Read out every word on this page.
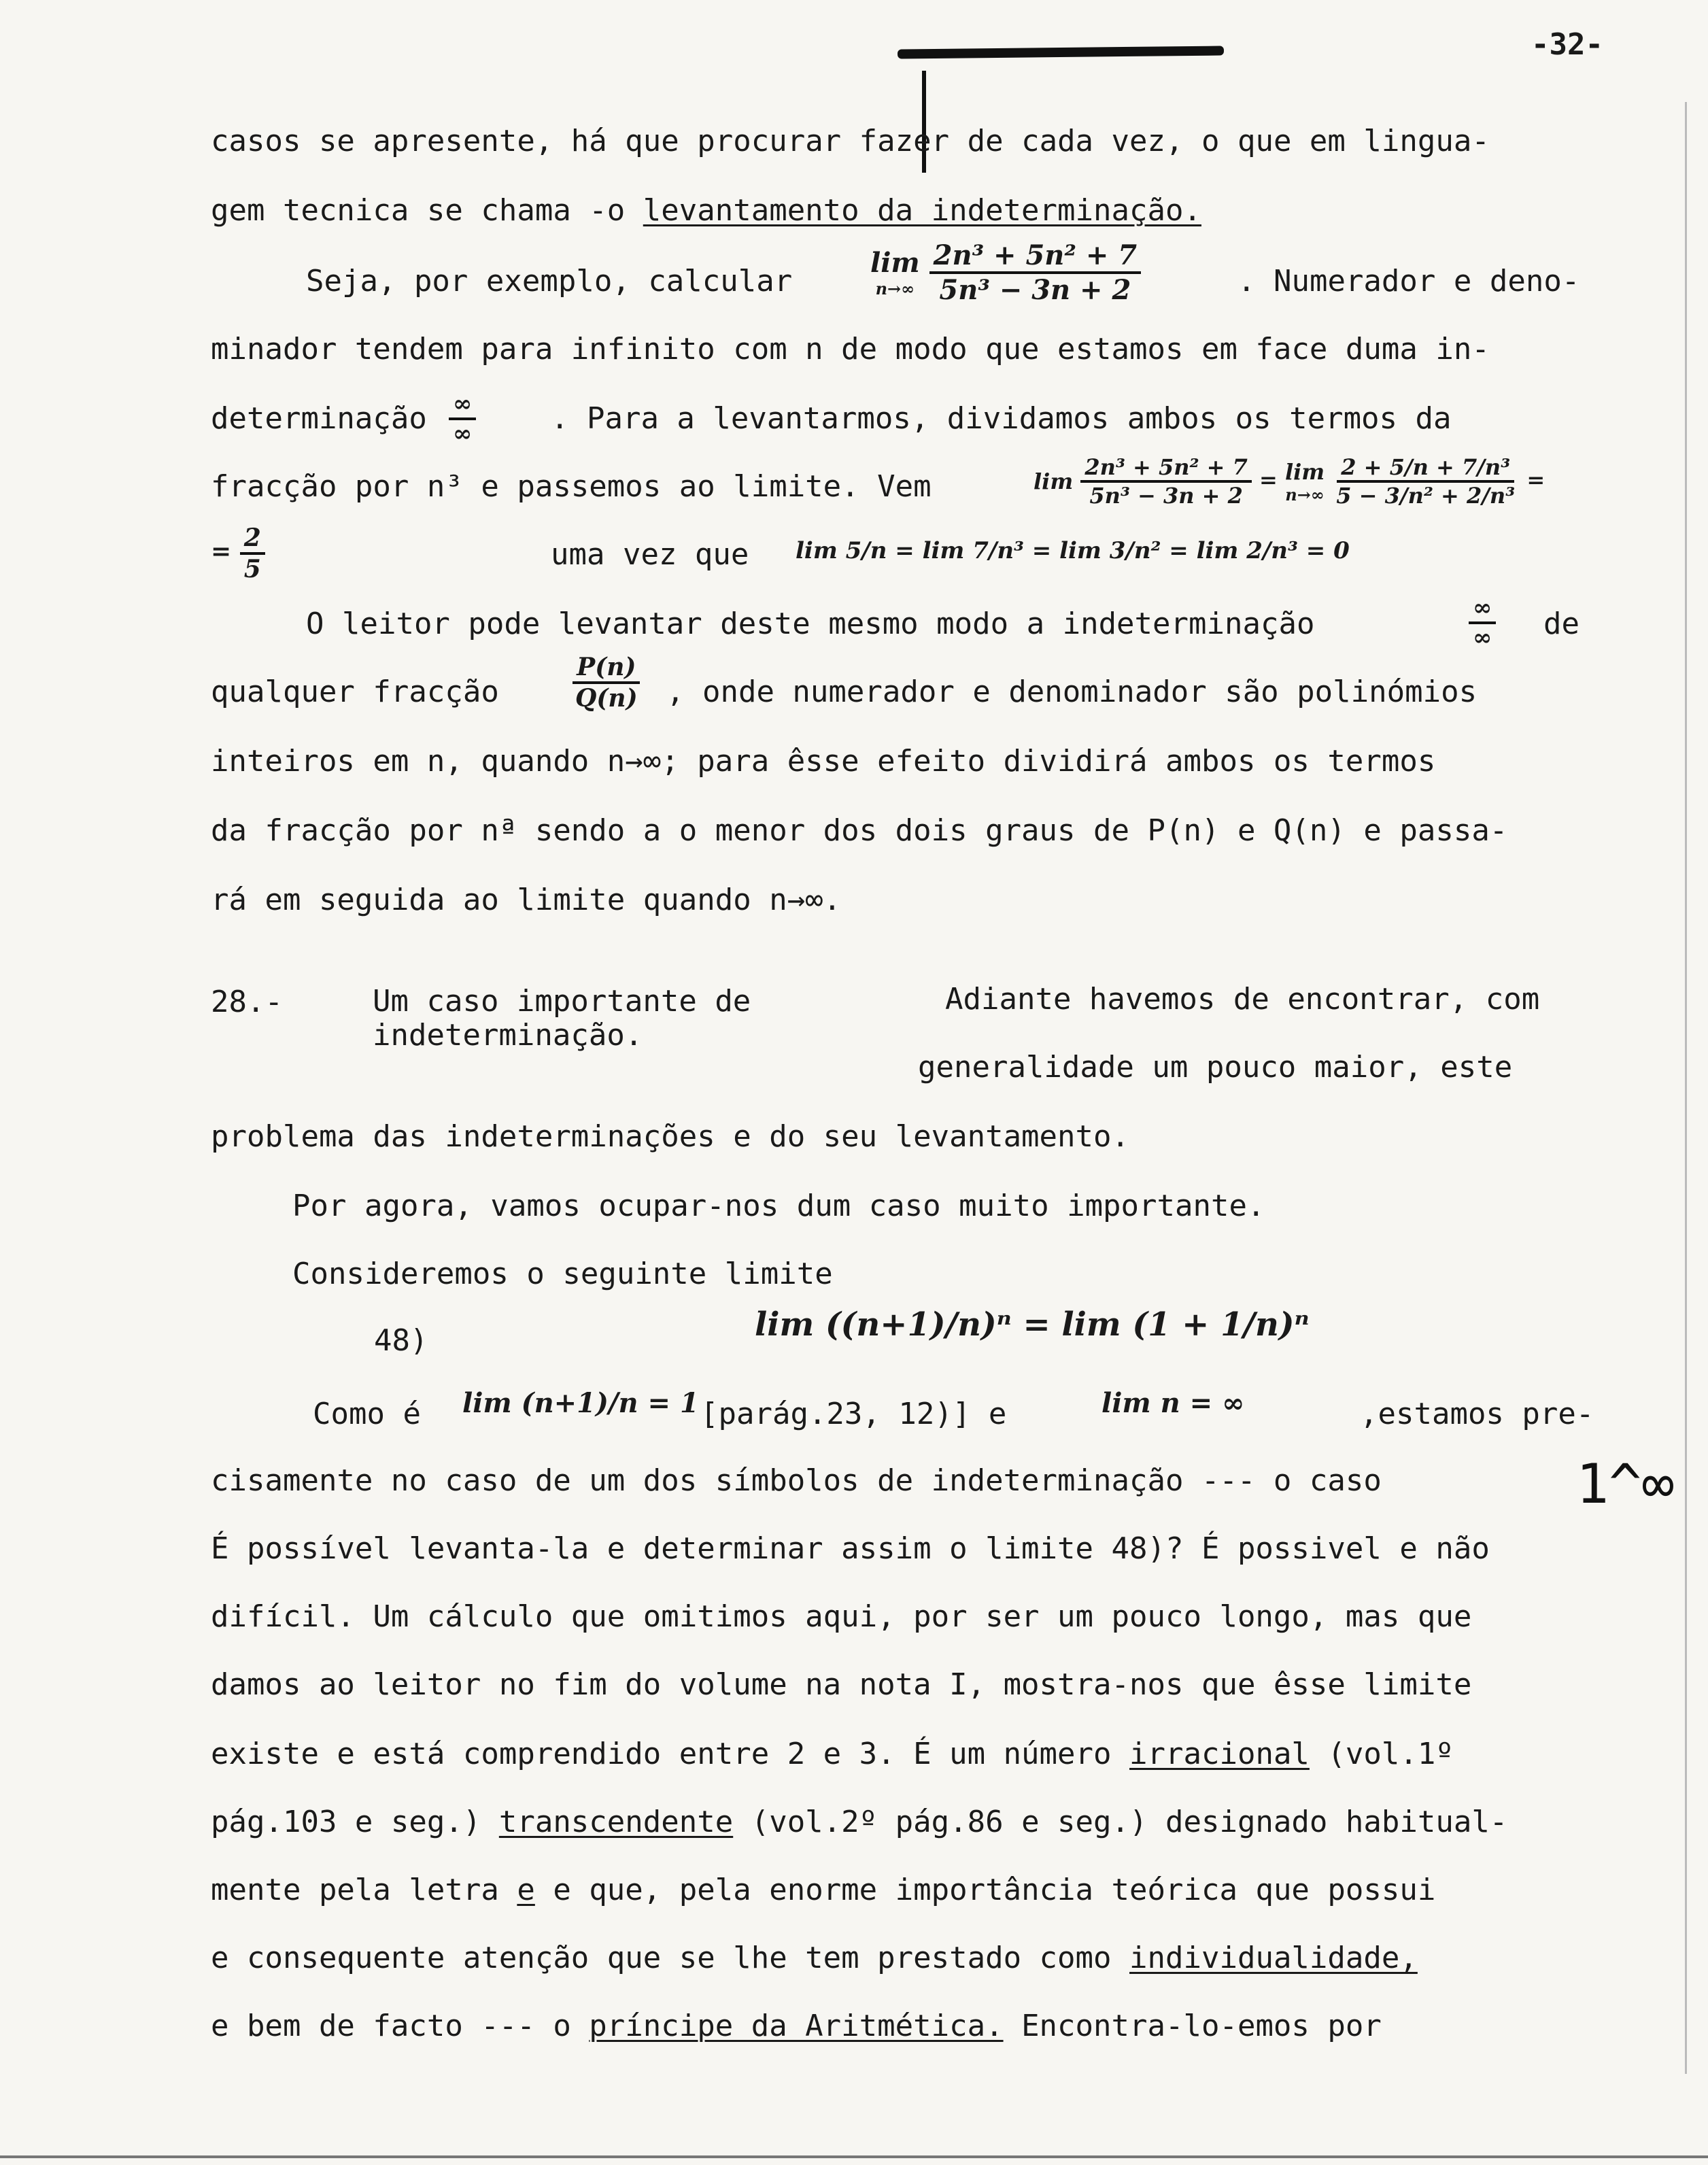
-32-
casos se apresente, há que procurar fazer de cada vez, o que em lingua-
gem tecnica se chama -o levantamento da indeterminação.
Seja, por exemplo, calcular
lim
n→∞
$\frac{\text{2n³ + 5n² + 7}}{\text{5n³ − 3n + 2}}$	. Numerador e deno-
minador tendem para infinito com n de modo que estamos em face duma in-
determinação $\frac{\infty}{\infty}$ . Para a levantarmos, dividamos ambos os termos da
fracção por n³ e passemos ao limite. Vem	lim
$\frac{\text{2n³ + 5n² + 7}}{\text{5n³ − 3n + 2}} = \lim$
n→∞
$\frac{\text{2 + 5/n + 7/n³}}{\text{5 − 3/n² + 2/n³}}$ =
= $\frac{2}{5}$	uma vez que lim 5/n = lim 7/n³ = lim 3/n² = lim 2/n³ = 0
O leitor pode levantar deste mesmo modo a indeterminação	$\frac{\infty}{\infty}$ de
qualquer fracção	$\frac{P(n)}{Q(n)}$ , onde numerador e denominador são polinómios
inteiros em n, quando n→∞; para êsse efeito dividirá ambos os termos
da fracção por nª sendo a o menor dos dois graus de P(n) e Q(n) e passa-
rá em seguida ao limite quando n→∞.
28.-	Um caso importante de
indeterminação.
Adiante havemos de encontrar, com
generalidade um pouco maior, este
problema das indeterminações e do seu levantamento.
Por agora, vamos ocupar-nos dum caso muito importante.
Consideremos o seguinte limite
48)	lim ((n+1)/n)ⁿ = lim (1 + 1/n)ⁿ
Como é lim (n+1)/n = 1 [parág.23, 12)] e	lim n = ∞	,estamos pre-
cisamente no caso de um dos símbolos de indeterminação --- o caso	1^∞
É possível levanta-la e determinar assim o limite 48)? É possivel e não
difícil. Um cálculo que omitimos aqui, por ser um pouco longo, mas que
damos ao leitor no fim do volume na nota I, mostra-nos que êsse limite
existe e está comprendido entre 2 e 3. É um número irracional (vol.1º
pág.103 e seg.) transcendente (vol.2º pág.86 e seg.) designado habitual-
mente pela letra e e que, pela enorme importância teórica que possui
e consequente atenção que se lhe tem prestado como individualidade,
e bem de facto --- o príncipe da Aritmética. Encontra-lo-emos por
